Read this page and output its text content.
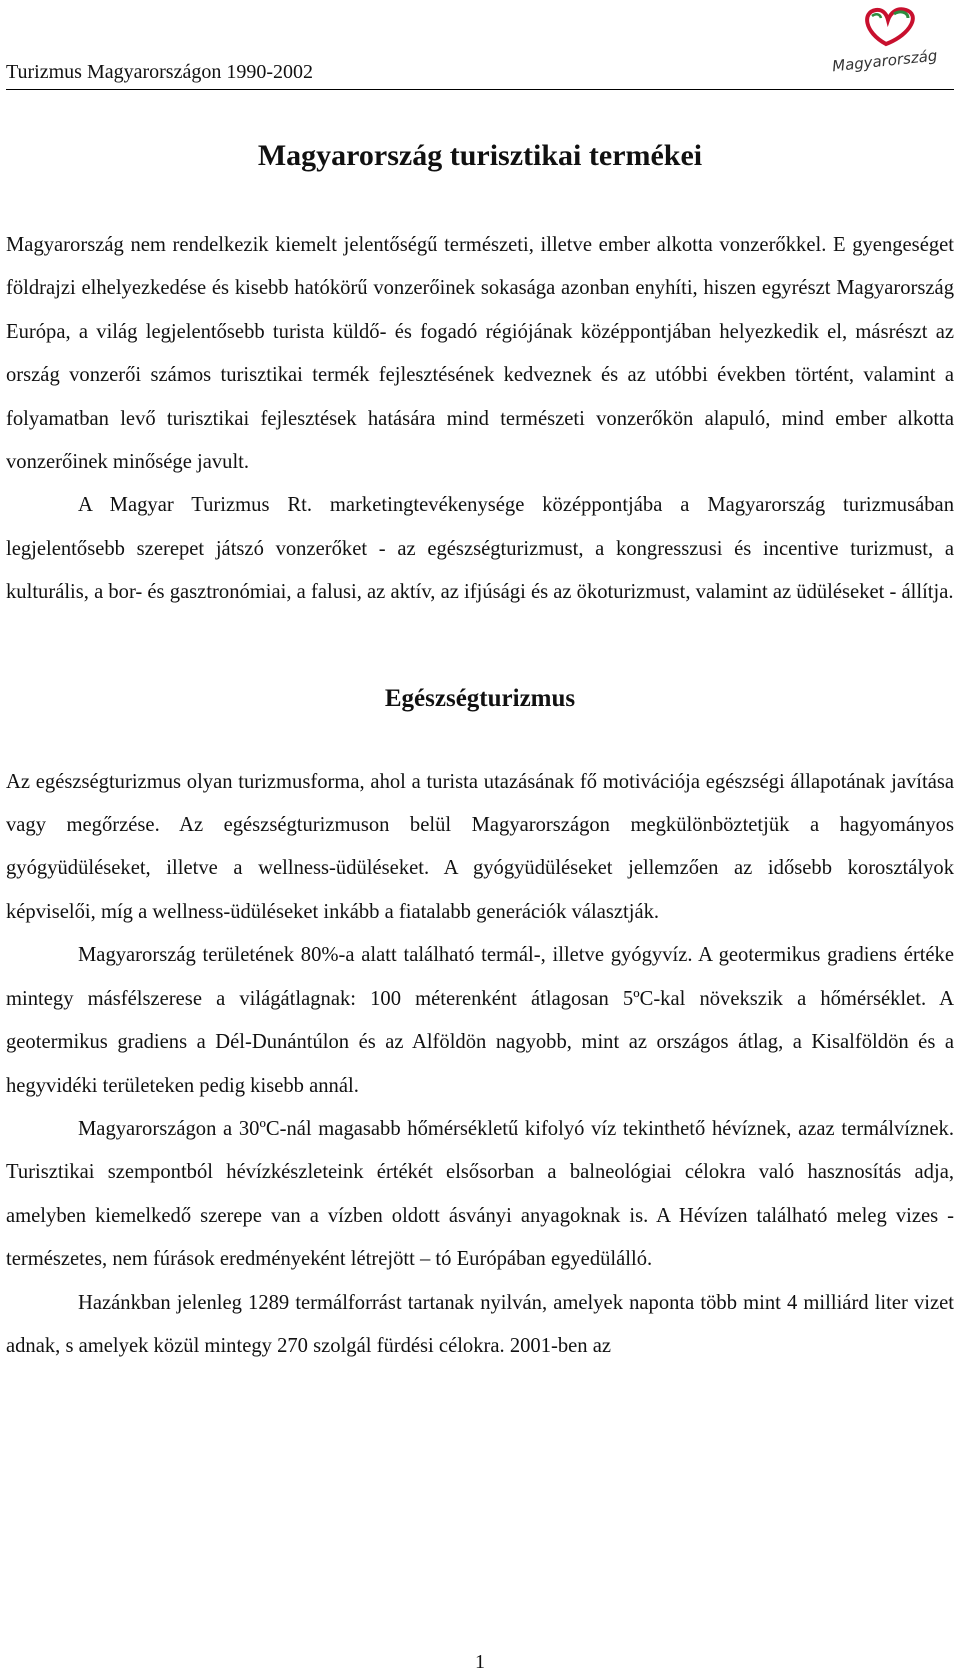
Turizmus Magyarországon 1990-2002	Magyarország
Magyarország turisztikai termékei

Magyarország nem rendelkezik kiemelt jelentőségű természeti, illetve ember alkotta vonzerőkkel. E gyengeséget földrajzi elhelyezkedése és kisebb hatókörű vonzerőinek sokasága azonban enyhíti, hiszen egyrészt Magyarország Európa, a világ legjelentősebb turista küldő- és fogadó régiójának középpontjában helyezkedik el, másrészt az ország vonzerői számos turisztikai termék fejlesztésének kedveznek és az utóbbi években történt, valamint a folyamatban levő turisztikai fejlesztések hatására mind természeti vonzerőkön alapuló, mind ember alkotta vonzerőinek minősége javult.

A Magyar Turizmus Rt. marketingtevékenysége középpontjába a Magyarország turizmusában legjelentősebb szerepet játszó vonzerőket - az egészségturizmust, a kongresszusi és incentive turizmust, a kulturális, a bor- és gasztronómiai, a falusi, az aktív, az ifjúsági és az ökoturizmust, valamint az üdüléseket - állítja.

Egészségturizmus

Az egészségturizmus olyan turizmusforma, ahol a turista utazásának fő motivációja egészségi állapotának javítása vagy megőrzése. Az egészségturizmuson belül Magyarországon megkülönböztetjük a hagyományos gyógyüdüléseket, illetve a wellness-üdüléseket. A gyógyüdüléseket jellemzően az idősebb korosztályok képviselői, míg a wellness-üdüléseket inkább a fiatalabb generációk választják.

Magyarország területének 80%-a alatt található termál-, illetve gyógyvíz. A geotermikus gradiens értéke mintegy másfélszerese a világátlagnak: 100 méterenként átlagosan 5ºC-kal növekszik a hőmérséklet. A geotermikus gradiens a Dél-Dunántúlon és az Alföldön nagyobb, mint az országos átlag, a Kisalföldön és a hegyvidéki területeken pedig kisebb annál.

Magyarországon a 30ºC-nál magasabb hőmérsékletű kifolyó víz tekinthető hévíznek, azaz termálvíznek. Turisztikai szempontból hévízkészleteink értékét elsősorban a balneológiai célokra való hasznosítás adja, amelyben kiemelkedő szerepe van a vízben oldott ásványi anyagoknak is. A Hévízen található meleg vizes - természetes, nem fúrások eredményeként létrejött – tó Európában egyedülálló.

Hazánkban jelenleg 1289 termálforrást tartanak nyilván, amelyek naponta több mint 4 milliárd liter vizet adnak, s amelyek közül mintegy 270 szolgál fürdési célokra. 2001-ben az

1
